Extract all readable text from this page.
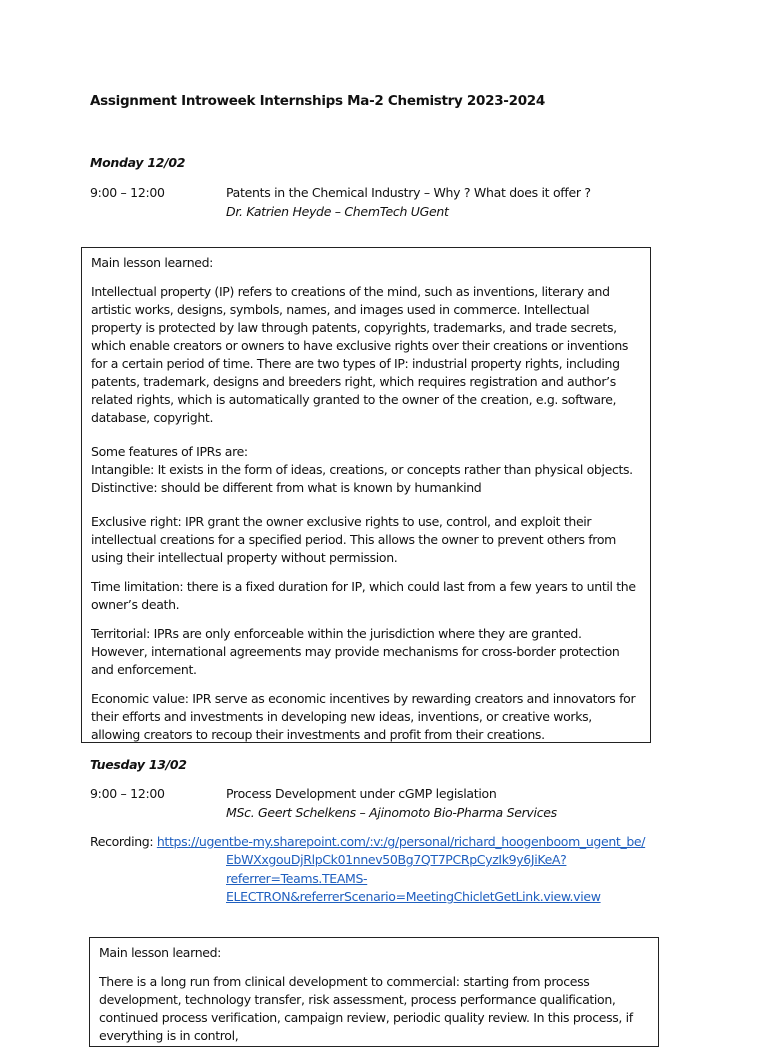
Assignment Introweek Internships Ma-2 Chemistry 2023-2024
Monday 12/02
9:00 – 12:00	Patents in the Chemical Industry – Why ? What does it offer ?
Dr. Katrien Heyde – ChemTech UGent

Main lesson learned:

Intellectual property (IP) refers to creations of the mind, such as inventions, literary and artistic works, designs, symbols, names, and images used in commerce. Intellectual property is protected by law through patents, copyrights, trademarks, and trade secrets, which enable creators or owners to have exclusive rights over their creations or inventions for a certain period of time. There are two types of IP: industrial property rights, including patents, trademark, designs and breeders right, which requires registration and author’s related rights, which is automatically granted to the owner of the creation, e.g. software, database, copyright.

Some features of IPRs are:

Intangible: It exists in the form of ideas, creations, or concepts rather than physical objects.

Distinctive: should be different from what is known by humankind

Exclusive right: IPR grant the owner exclusive rights to use, control, and exploit their intellectual creations for a specified period. This allows the owner to prevent others from using their intellectual property without permission.

Time limitation: there is a fixed duration for IP, which could last from a few years to until the owner’s death.

Territorial: IPRs are only enforceable within the jurisdiction where they are granted. However, international agreements may provide mechanisms for cross-border protection and enforcement.

Economic value: IPR serve as economic incentives by rewarding creators and innovators for their efforts and investments in developing new ideas, inventions, or creative works, allowing creators to recoup their investments and profit from their creations.

Tuesday 13/02
9:00 – 12:00	Process Development under cGMP legislation
MSc. Geert Schelkens – Ajinomoto Bio-Pharma Services
Recording: https://ugentbe-my.sharepoint.com/:v:/g/personal/richard_hoogenboom_ugent_be/
EbWXxgouDjRlpCk01nnev50Bg7QT7PCRpCyzIk9y6JiKeA?
referrer=Teams.TEAMS-
ELECTRON&referrerScenario=MeetingChicletGetLink.view.view

Main lesson learned:

There is a long run from clinical development to commercial: starting from process development, technology transfer, risk assessment, process performance qualification, continued process verification, campaign review, periodic quality review. In this process, if everything is in control,
